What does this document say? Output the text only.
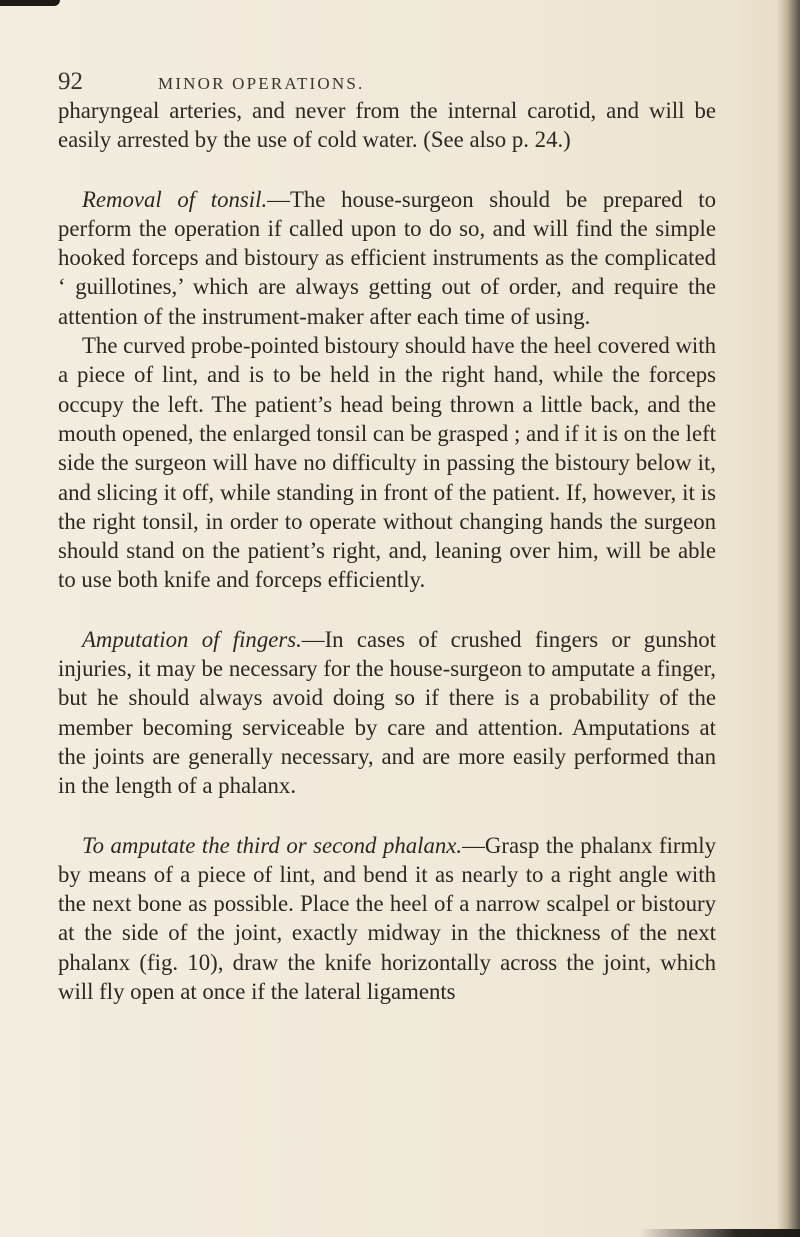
92	MINOR OPERATIONS.

pharyngeal arteries, and never from the internal carotid, and will be easily arrested by the use of cold water. (See also p. 24.)

Removal of tonsil.—The house-surgeon should be prepared to perform the operation if called upon to do so, and will find the simple hooked forceps and bistoury as efficient instruments as the complicated ‘ guillotines,’ which are always getting out of order, and require the attention of the instrument-maker after each time of using.

The curved probe-pointed bistoury should have the heel covered with a piece of lint, and is to be held in the right hand, while the forceps occupy the left. The patient’s head being thrown a little back, and the mouth opened, the enlarged tonsil can be grasped ; and if it is on the left side the surgeon will have no difficulty in passing the bistoury below it, and slicing it off, while standing in front of the patient. If, however, it is the right tonsil, in order to operate without changing hands the surgeon should stand on the patient’s right, and, leaning over him, will be able to use both knife and forceps efficiently.

Amputation of fingers.—In cases of crushed fingers or gunshot injuries, it may be necessary for the house-surgeon to amputate a finger, but he should always avoid doing so if there is a probability of the member becoming serviceable by care and attention. Amputations at the joints are generally necessary, and are more easily performed than in the length of a phalanx.

To amputate the third or second phalanx.—Grasp the phalanx firmly by means of a piece of lint, and bend it as nearly to a right angle with the next bone as possible. Place the heel of a narrow scalpel or bistoury at the side of the joint, exactly midway in the thickness of the next phalanx (fig. 10), draw the knife horizontally across the joint, which will fly open at once if the lateral ligaments
